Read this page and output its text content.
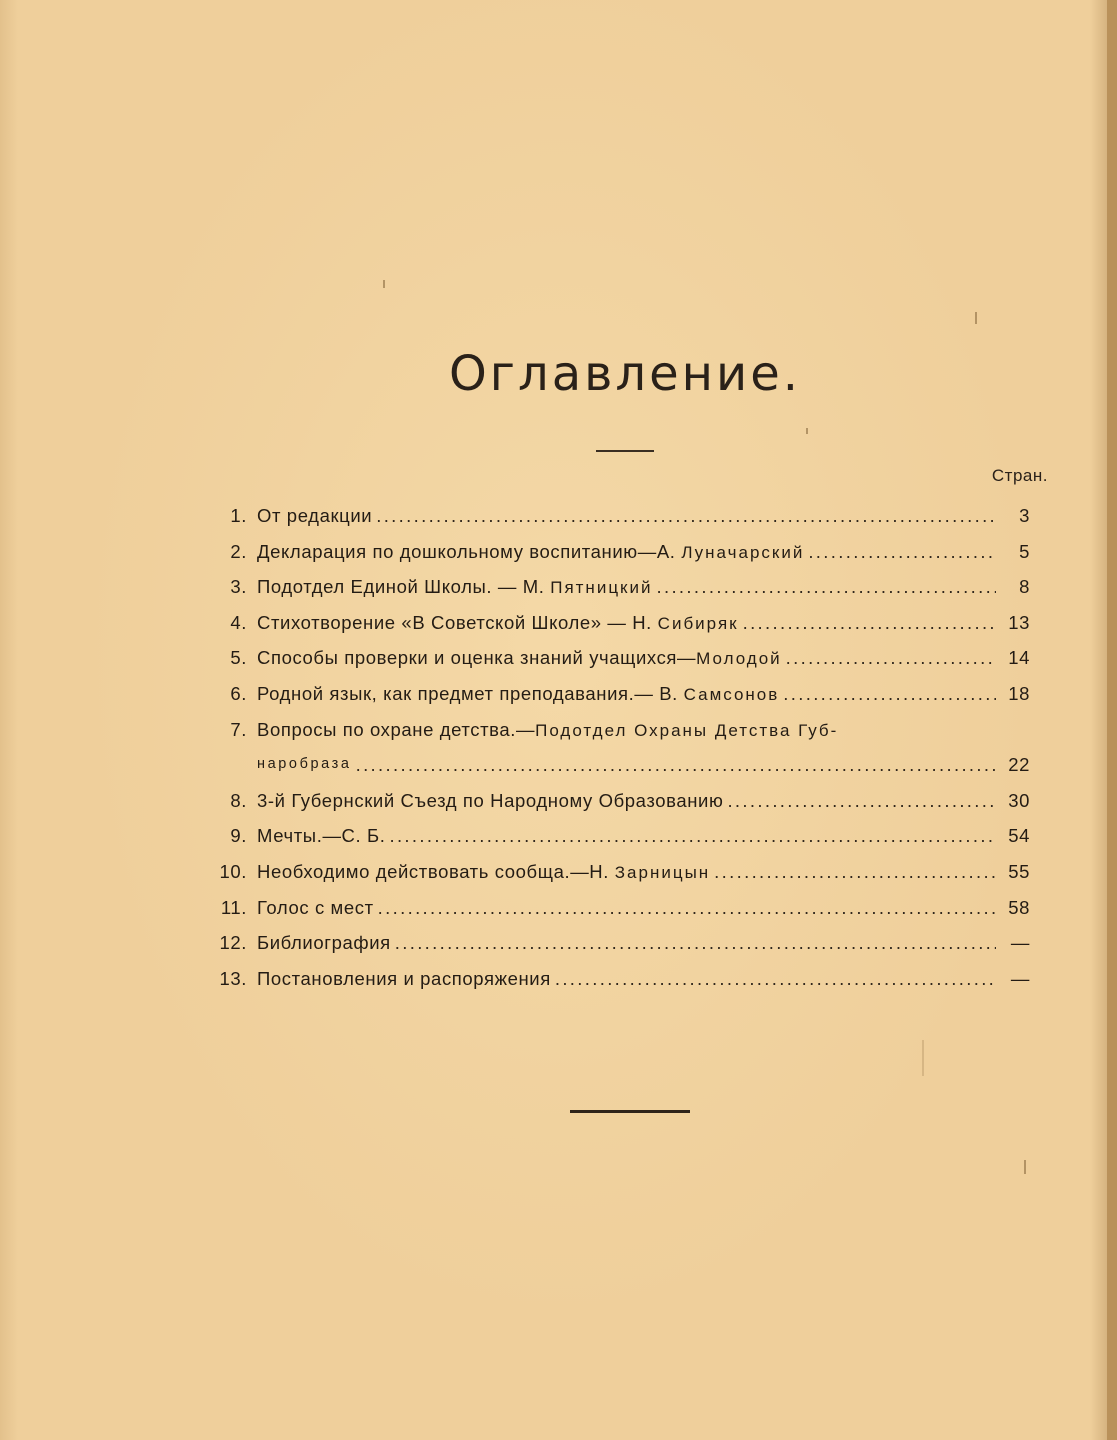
Оглавление.
Стран.
1. От редакции . . .	3
2. Декларация по дошкольному воспитанию—А. Луначарский . . .	5
3. Подотдел Единой Школы. — М. Пятницкий . . .	8
4. Стихотворение «В Советской Школе» — Н. Сибиряк . . .	13
5. Способы проверки и оценка знаний учащихся—Молодой . . .	14
6. Родной язык, как предмет преподавания.— В. Самсонов . . .	18
7. Вопросы по охране детства.—Подотдел Охраны Детства Губ-
наробраза . . .	22
8. 3-й Губернский Съезд по Народному Образованию . . .	30
9. Мечты.—С. Б. . . .	54
10. Необходимо действовать сообща.—Н. Зарницын . . .	55
11. Голос с мест . . .	58
12. Библиография . . .	—
13. Постановления и распоряжения . . .	—
